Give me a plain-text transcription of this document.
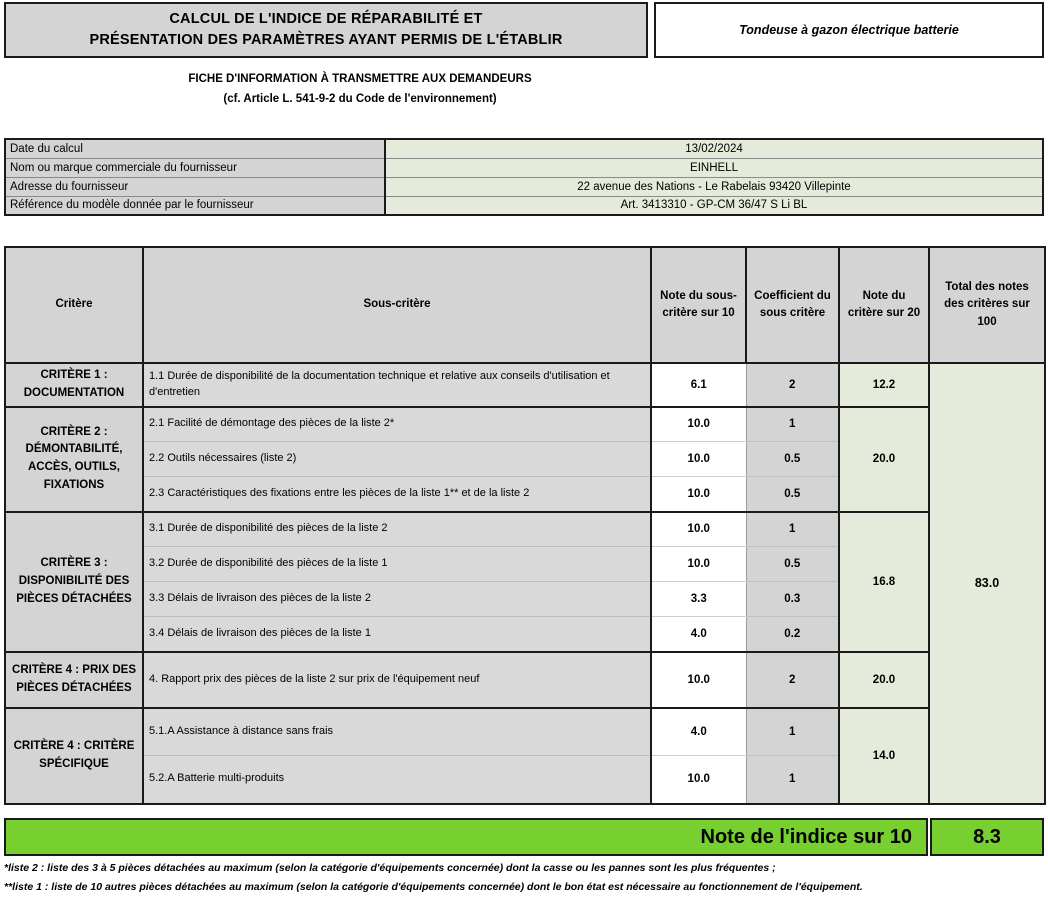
CALCUL DE L'INDICE DE RÉPARABILITÉ ET
PRÉSENTATION DES PARAMÈTRES AYANT PERMIS DE L'ÉTABLIR
Tondeuse à gazon électrique batterie
FICHE D'INFORMATION À TRANSMETTRE AUX DEMANDEURS
(cf. Article L. 541-9-2 du Code de l'environnement)
Date du calcul	13/02/2024
Nom ou marque commerciale du fournisseur	EINHELL
Adresse du fournisseur	22 avenue des Nations - Le Rabelais 93420 Villepinte
Référence du modèle donnée par le fournisseur	Art. 3413310 - GP-CM 36/47 S Li BL
Critère	Sous-critère	Note du sous-critère sur 10	Coefficient du sous critère	Note du critère sur 20	Total des notes des critères sur 100
CRITÈRE 1 : DOCUMENTATION	1.1 Durée de disponibilité de la documentation technique et relative aux conseils d'utilisation et d'entretien	6.1	2	12.2	83.0
CRITÈRE 2 : DÉMONTABILITÉ, ACCÈS, OUTILS, FIXATIONS	2.1 Facilité de démontage des pièces de la liste 2*	10.0	1	20.0	
	2.2 Outils nécessaires (liste 2)	10.0	0.5		
	2.3 Caractéristiques des fixations entre les pièces de la liste 1** et de la liste 2	10.0	0.5		
CRITÈRE 3 : DISPONIBILITÉ DES PIÈCES DÉTACHÉES	3.1 Durée de disponibilité des pièces de la liste 2	10.0	1	16.8	
	3.2 Durée de disponibilité des pièces de la liste 1	10.0	0.5		
	3.3 Délais de livraison des pièces de la liste 2	3.3	0.3		
	3.4 Délais de livraison des pièces de la liste 1	4.0	0.2		
CRITÈRE 4 : PRIX DES PIÈCES DÉTACHÉES	4. Rapport prix des pièces de la liste 2 sur prix de l'équipement neuf	10.0	2	20.0	
CRITÈRE 4 : CRITÈRE SPÉCIFIQUE	5.1.A Assistance à distance sans frais	4.0	1	14.0	
	5.2.A Batterie multi-produits	10.0	1		
Note de l'indice sur 10	8.3

*liste 2 : liste des 3 à 5 pièces détachées au maximum (selon la catégorie d'équipements concernée) dont la casse ou les pannes sont les plus fréquentes ;

**liste 1 : liste de 10 autres pièces détachées au maximum (selon la catégorie d'équipements concernée) dont le bon état est nécessaire au fonctionnement de l'équipement.
